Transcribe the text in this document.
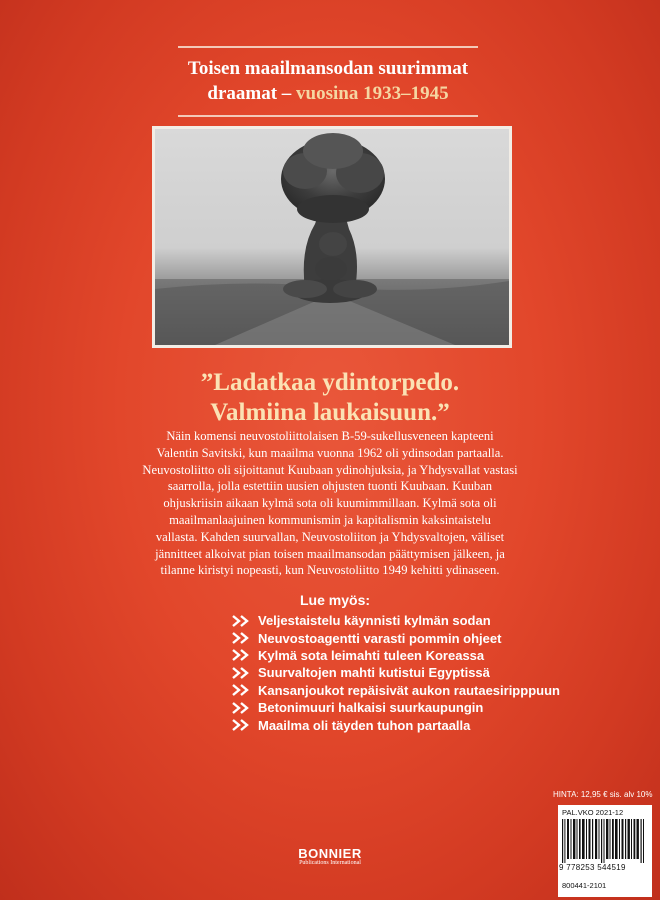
Toisen maailmansodan suurimmat
draamat – vuosina 1933–1945
”Ladatkaa ydintorpedo.
Valmiina laukaisuun.”
Näin komensi neuvostoliittolaisen B-59-sukellusveneen kapteeni
Valentin Savitski, kun maailma vuonna 1962 oli ydinsodan partaalla.
Neuvostoliitto oli sijoittanut Kuubaan ydinohjuksia, ja Yhdysvallat vastasi
saarrolla, jolla estettiin uusien ohjusten tuonti Kuubaan. Kuuban
ohjuskriisin aikaan kylmä sota oli kuumimmillaan. Kylmä sota oli
maailmanlaajuinen kommunismin ja kapitalismin kaksintaistelu
vallasta. Kahden suurvallan, Neuvostoliiton ja Yhdysvaltojen, väliset
jännitteet alkoivat pian toisen maailmansodan päättymisen jälkeen, ja
tilanne kiristyi nopeasti, kun Neuvostoliitto 1949 kehitti ydinaseen.
Lue myös:
Veljestaistelu käynnisti kylmän sodan
Neuvostoagentti varasti pommin ohjeet
Kylmä sota leimahti tuleen Koreassa
Suurvaltojen mahti kutistui Egyptissä
Kansanjoukot repäisivät aukon rautaesiripppuun
Betonimuuri halkaisi suurkaupungin
Maailma oli täyden tuhon partaalla
HINTA: 12,95 € sis. alv 10%
PAL.VKO 2021-12
9 778253 544519
800441-2101
BONNIER
Publications International
